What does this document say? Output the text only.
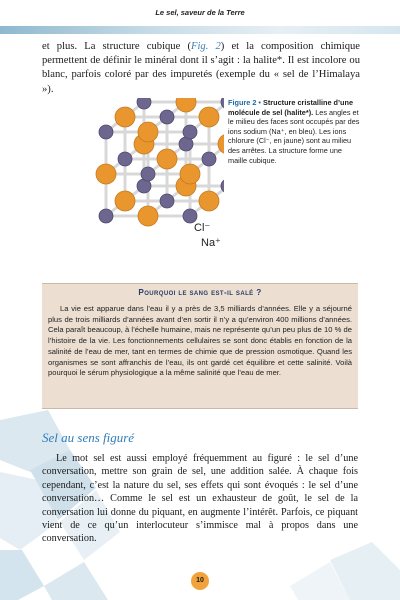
Le sel, saveur de la Terre

et plus. La structure cubique (Fig. 2) et la composition chimique permettent de définir le minéral dont il s’agit : la halite*. Il est incolore ou blanc, parfois coloré par des impuretés (exemple du « sel de l’Himalaya »).

Cl⁻
Na⁺
Figure 2 • Structure cristalline d’une molécule de sel (halite*). Les angles et le milieu des faces sont occupés par des ions sodium (Na⁺, en bleu). Les ions chlorure (Cl⁻, en jaune) sont au milieu des arrêtes. La structure forme une maille cubique.
Pourquoi le sang est-il salé ?

La vie est apparue dans l’eau il y a près de 3,5 milliards d’années. Elle y a séjourné plus de trois milliards d’années avant d’en sortir il n’y a qu’environ 400 millions d’années. Cela paraît beaucoup, à l’échelle humaine, mais ne représente qu’un peu plus de 10 % de l’histoire de la vie. Les fonctionnements cellulaires se sont donc établis en fonction de la salinité de l’eau de mer, tant en termes de chimie que de pression osmotique. Quand les organismes se sont affranchis de l’eau, ils ont gardé cet équilibre et cette salinité. Voilà pourquoi le sérum physiologique a la même salinité que l’eau de mer.

Sel au sens figuré

Le mot sel est aussi employé fréquemment au figuré : le sel d’une conversation, mettre son grain de sel, une addition salée. À chaque fois cependant, c’est la nature du sel, ses effets qui sont évoqués : le sel d’une conversation… Comme le sel est un exhausteur de goût, le sel de la conversation lui donne du piquant, en augmente l’intérêt. Parfois, ce piquant vient de ce qu’un interlocuteur s’immisce mal à propos dans une conversation.

10
